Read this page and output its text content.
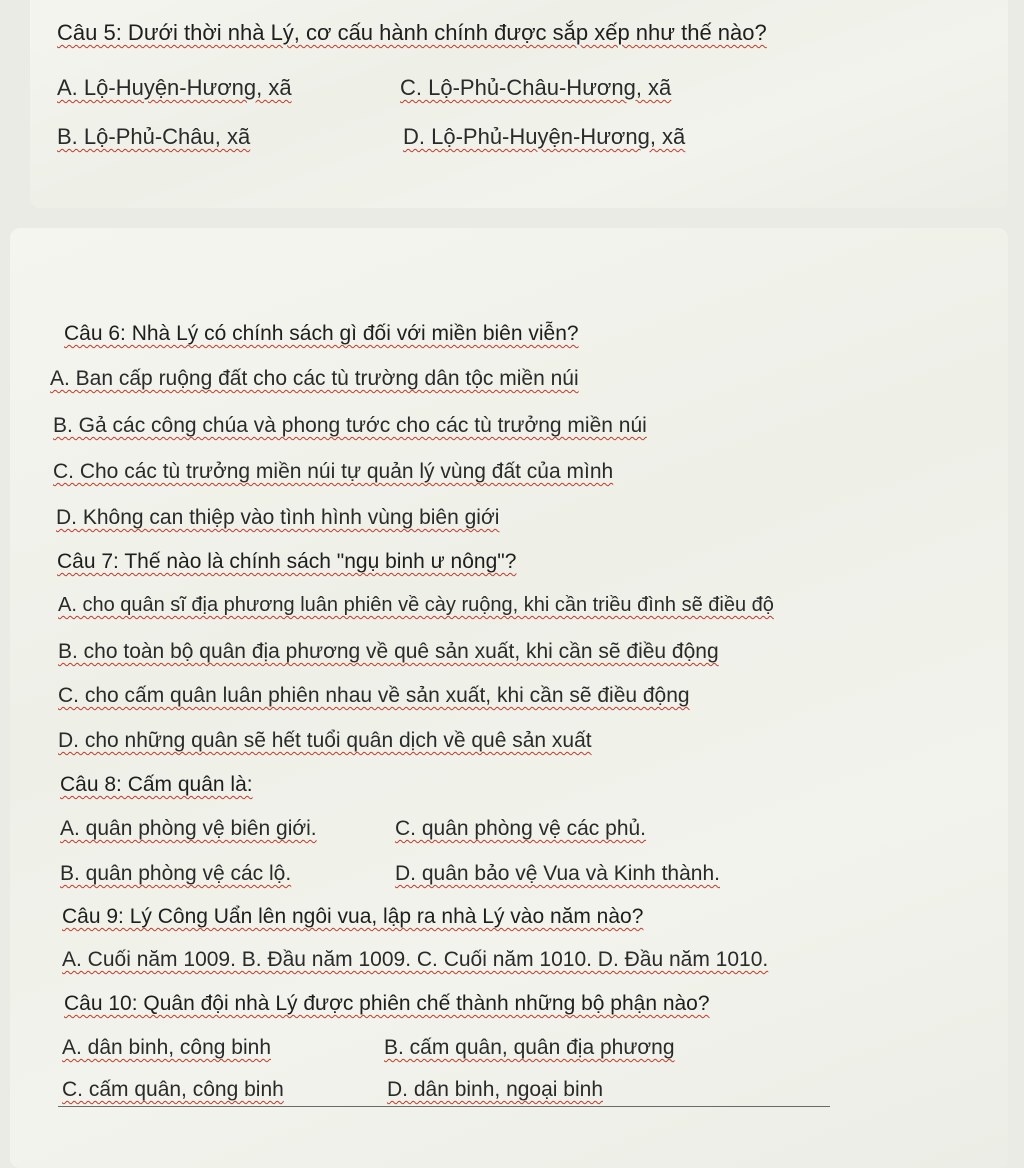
Câu 5: Dưới thời nhà Lý, cơ cấu hành chính được sắp xếp như thế nào?
A. Lộ-Huyện-Hương, xã	C. Lộ-Phủ-Châu-Hương, xã
B. Lộ-Phủ-Châu, xã	D. Lộ-Phủ-Huyện-Hương, xã
Câu 6: Nhà Lý có chính sách gì đối với miền biên viễn?
A. Ban cấp ruộng đất cho các tù trường dân tộc miền núi
B. Gả các công chúa và phong tước cho các tù trưởng miền núi
C. Cho các tù trưởng miền núi tự quản lý vùng đất của mình
D. Không can thiệp vào tình hình vùng biên giới
Câu 7: Thế nào là chính sách "ngụ binh ư nông"?
A. cho quân sĩ địa phương luân phiên về cày ruộng, khi cần triều đình sẽ điều độ
B. cho toàn bộ quân địa phương về quê sản xuất, khi cần sẽ điều động
C. cho cấm quân luân phiên nhau về sản xuất, khi cần sẽ điều động
D. cho những quân sẽ hết tuổi quân dịch về quê sản xuất
Câu 8: Cấm quân là:
A. quân phòng vệ biên giới.	C. quân phòng vệ các phủ.
B. quân phòng vệ các lộ.	D. quân bảo vệ Vua và Kinh thành.
Câu 9: Lý Công Uẩn lên ngôi vua, lập ra nhà Lý vào năm nào?
A. Cuối năm 1009. B. Đầu năm 1009. C. Cuối năm 1010. D. Đầu năm 1010.
Câu 10: Quân đội nhà Lý được phiên chế thành những bộ phận nào?
A. dân binh, công binh	B. cấm quân, quân địa phương
C. cấm quân, công binh	D. dân binh, ngoại binh
